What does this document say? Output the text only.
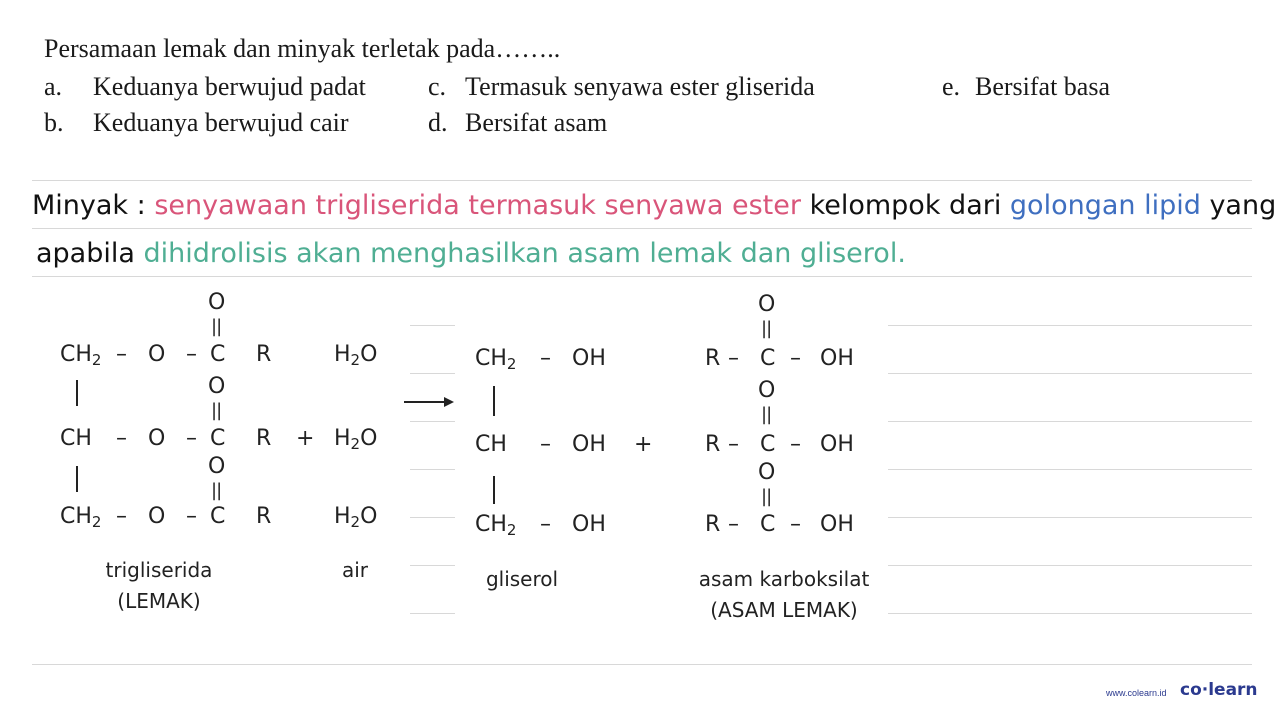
Persamaan lemak dan minyak terletak pada……..
a. Keduanya berwujud padat
b. Keduanya berwujud cair
c. Termasuk senyawa ester gliserida
d. Bersifat asam
e. Bersifat basa
Minyak : senyawaan trigliserida termasuk senyawa ester kelompok dari golongan lipid yang
apabila dihidrolisis akan menghasilkan asam lemak dan gliserol.
O
||
$CH_2$ – O – C R	$H_2O$
O
||
CH – O – C $R + H_2O$
O
||
$CH_2$ – O – C R	$H_2O$
$CH_2$ – OH
CH – OH +
$CH_2$ – OH
O
||
R – C – OH
O
||
R – C – OH
O
||
R – C – OH
trigliserida
(LEMAK)
air	gliserol	asam karboksilat
(ASAM LEMAK)
www.colearn.id co·learn
